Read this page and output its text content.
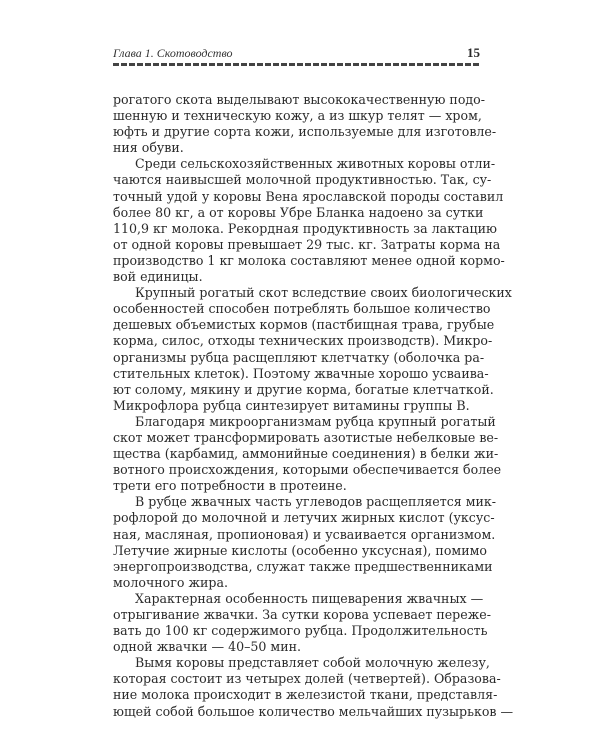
Глава 1. Скотоводство	15
рогатого скота выделывают высококачественную подо-
шенную и техническую кожу, а из шкур телят — хром,
юфть и другие сорта кожи, используемые для изготовле-
ния обуви.
Среди сельскохозяйственных животных коровы отли-
чаются наивысшей молочной продуктивностью. Так, су-
точный удой у коровы Вена ярославской породы составил
более 80 кг, а от коровы Убре Бланка надоено за сутки
110,9 кг молока. Рекордная продуктивность за лактацию
от одной коровы превышает 29 тыс. кг. Затраты корма на
производство 1 кг молока составляют менее одной кормо-
вой единицы.
Крупный рогатый скот вследствие своих биологических
особенностей способен потреблять большое количество
дешевых объемистых кормов (пастбищная трава, грубые
корма, силос, отходы технических производств). Микро-
организмы рубца расщепляют клетчатку (оболочка ра-
стительных клеток). Поэтому жвачные хорошо усваива-
ют солому, мякину и другие корма, богатые клетчаткой.
Микрофлора рубца синтезирует витамины группы В.
Благодаря микроорганизмам рубца крупный рогатый
скот может трансформировать азотистые небелковые ве-
щества (карбамид, аммонийные соединения) в белки жи-
вотного происхождения, которыми обеспечивается более
трети его потребности в протеине.
В рубце жвачных часть углеводов расщепляется мик-
рофлорой до молочной и летучих жирных кислот (уксус-
ная, масляная, пропионовая) и усваивается организмом.
Летучие жирные кислоты (особенно уксусная), помимо
энергопроизводства, служат также предшественниками
молочного жира.
Характерная особенность пищеварения жвачных —
отрыгивание жвачки. За сутки корова успевает переже-
вать до 100 кг содержимого рубца. Продолжительность
одной жвачки — 40–50 мин.
Вымя коровы представляет собой молочную железу,
которая состоит из четырех долей (четвертей). Образова-
ние молока происходит в железистой ткани, представля-
ющей собой большое количество мельчайших пузырьков —
